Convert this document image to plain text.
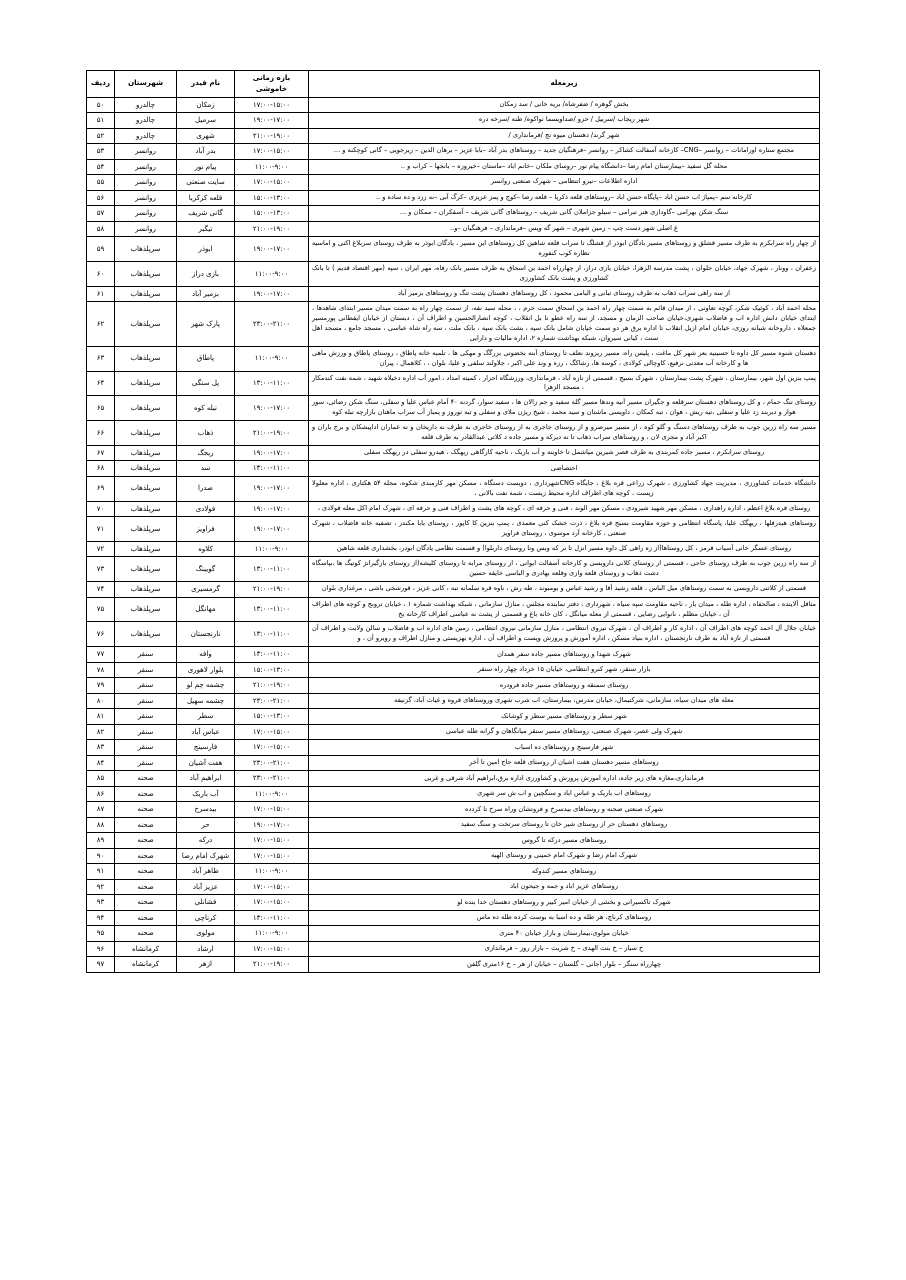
زیرمعله	بازه زمانی خاموشی	نام فیدر	شهرستان	ردیف
بخش گوهره / ضفرشاه/ بریه خانی / سد زمکان	۱۷:۰۰-۱۵:۰۰	زمکان	چالدرو	۵۰
شهر ریجاب /سربیل / حزو /صداویسما نواکوه/ طنه /سرخه دره	۱۹:۰۰-۱۷:۰۰	سرمیل	چالدرو	۵۱
شهر گرند/ دهستان میوه نج /فرمانداری /	۲۱:۰۰-۱۹:۰۰	شهری	چالدرو	۵۲
مجتمع ستاره اورامانات – روانسر –CNG– کارخانه آسفالت کشاکر – روانسر –فرهنگیان جدید – روستاهای بدر آباد –بابا عزیز – برهان الدین – زیرجویی – گانی کوچکنه و ...	۱۷:۰۰-۱۵:۰۰	بدر آباد	روانسر	۵۳
محله گل سفید –بیمارستان امام رضا –دانشگاه پیام نور –روسای ملکان –خانم اباد –ماستان –خیروزه – بانجها – کراب و ..	۱۱:۰۰-۹:۰۰	پیام نور	روانسر	۵۴
اداره اطلاعات –نیرو انتظامی – شهرک صنعتی روانسر	۱۷:۰۰-۱۵:۰۰	سایت صنعتی	روانسر	۵۵
کارخانه سم –پمپاژ اب حسن اباد –پایگاه حسن اباد –روستاهای قلعه ذکریا – قلعه رضا –کوچ و پمز عزیزی –کرگ آبی –نه زرد و ده ساده و ..	۱۵:۰۰-۱۳:۰۰	قلعه کرکریا	روانسر	۵۶
سنگ شکن بهرامی –گاودازی هنر تبرامی – سیلو جزاملان گانی شریف – روستاهای گانی شریف – آسفکران – ممکان و ...	۱۵:۰۰-۱۳:۰۰	گانی شریف	روانسر	۵۷
غ اصلی شهر دست چپ – زمین شهری – شهر گه ویس –فرمانداری – فرهنگیان –و..	۲۱:۰۰-۱۹:۰۰	تیگبر	روانسر	۵۸
از چهار راه سرابکرم به طرف مسیر قشلق و روستاهای مسیر بادگان ابوذر از قشلگ تا سراب قلعه شاهین کل روستاهای این مسیر ، بادگان ابوذر به طرف روستای سربلاغ اکنی و اماسیه نظاره کوب کنفوره	۱۹:۰۰-۱۷:۰۰	ابوذر	سرپلذهاب	۵۹
زعفران ، وونار ، شهرک جهاد، خیابان حلوان ، پشت مدرسه الزهرا، خیابان بازی دراز، از چهارراه احمد بن اسحاق به طرف مسیر بانک رفاه، مهر ایران ، سپه (مهر اقتصاد قدیم ) تا بانک کشاورزی و پشت بانک کشاورزی	۱۱:۰۰-۹:۰۰	بازی دراز	سرپلذهاب	۶۰
از سه راهی سراب ذهاب به طرف روستای تبانی و البامی محمود ، کل روستاهای دهستان پشت تنگ و روستاهای بزمیر آباد	۱۹:۰۰-۱۷:۰۰	بزمیر آباد	سرپلذهاب	۶۱
محله احمد آباد ، کوثیک شکر، کوچه تعاونی ، از میدان قائم به سمت چهار راه احمد بن اسحاق سمت حرم ، ، محله سید نفه، از سمت چهار راه به سمت میدان مسیر ابتدای شاهدها ، ابتدای خیابان دانش اداره اب و فاضلاب شهری،خیابان صاحب الزمان و مسجد، از سه راه عطو تا بل انقلاب ، کوچه انصارالحسین و اطراف آن ، دبستان از خیابان ایقطانی پورمسیر جمعلاه ، داروخانه شبانه روزی، خیابان امام ازیل انقلاب تا اداره برق هر دو سمت خیابان شامل بانک سپه ، بشت بانک سپه ، بانک ملت ، سه راه شاه عباسی ، مسجد جامع ، مسجد اهل سنت ، کیانی سیروان، شبکه بهداشت شماره ۲، اداره مالیات و دارایی	۲۳:۰۰-۲۱:۰۰	پارک شهر	سرپلذهاب	۶۲
دهستان شنوه مسیر کل داوه تا حسینیه بعر شهر کل ماغت ، پلیس راه، مسیر ریزوند نعلف تا روستای آبنه بخضوتی بزرگگ و مهکی ها ، تلمبه خانه پاطاق ، روستای پاطاق و ورزش ماهی ها و کارخانه آب معدنی نرفیع، کاوچالی کولادی ، کوسه ها، رشاکگ ، رزه و وند علی اکبر ، جلاولند سلفی و علیا، بلوان ، ، کلاهمال ، پیران	۱۱:۰۰-۹:۰۰	پاطاق	سرپلذهاب	۶۳
پمپ بنزین اول شهر، بیمارستان ، شهرک پشت بیمارستان ، شهرک بسیج ، قسمتی از تازه آباد ، فرمانداری، ورزشگاه احرار ، کمیته امداد ، امور آب اداره دخیلاه شهید ، شمه نفت کندمکار ، مسجد الزهرا	۱۳:۰۰-۱۱:۰۰	پل سنگی	سرپلذهاب	۶۴
روستای تنگ حمام ، و کل روستاهای دهستان سرقلعه و جگیران مسیر آنیه وندها مسیر گله سفید و جم زالان ها ، سفید سوار، گردنه ۴۰ آمام عباس علیا و سفلی، سنگ شکن رضائی، سور هوار و دیربند زد علیا و سفلی ،تیه ریش ، هوان ، تبه کمکان ، داویسی ماشتان و سید محمد ، شیخ ریژن ملای و سفلی و تبه نوروز و پمباز آب سراب ماهتان بازارچه تبله کوه	۱۹:۰۰-۱۷:۰۰	تیله کوه	سرپلذهاب	۶۵
مسیر سه راه زرین جوب به طرف روستاهای دسنگ و گلو کوه ، از مسیر میرصرو و از روستای جاجری به از روستای خاجری به طرف نه داریخان و نه عماران اداپیشکان و برج باران و اکبر آباد و مجری لان ، و روستاهای سراب ذهاب تا نه دیرکه و مسیر جاده د کلاتی عبدالقادر به طرف قلعه	۲۱:۰۰-۱۹:۰۰	ذهاب	سرپلذهاب	۶۶
روستای سرابکرم ، مسیر جاده کمربندی به طرف قصر شیرین میاشمل تا خاوینه و آب باریک ، ناحیه کارگاهی ریهگک ، هیدرو سفلی در ریهگک سفلی	۱۹:۰۰-۱۷:۰۰	ریجگ	سرپلذهاب	۶۷
اختصاصی	۱۳:۰۰-۱۱:۰۰	سد	سرپلذهاب	۶۸
دانشگاه خدمات کشاورزی ، مدیریت جهاد کشاورزی ، شهرک زراعی قره بلاغ ، جایگاه CNGشهرداری ، دویست دستگاه ، مسکن مهر کارمندی شکوه، محله ۵۴ هکتاری ، اداره معلولا زیست ، کوچه های اطراف اداره محیط زیست ، شمه نفت بالانی ،	۱۹:۰۰-۱۷:۰۰	صدرا	سرپلذهاب	۶۹
روستای قره بلاغ اعظم ، اداره راهداری ، مسکن مهر شهید شیرودی ، مسکن مهر الوند ، فنی و حرفه ای ، کوچه های پشت و اطراف فنی و حرفه ای ، شهرک امام اکل معله فولادی ،	۱۹:۰۰-۱۷:۰۰	فولادی	سرپلذهاب	۷۰
روستاهای هیدرفلها ، ریهگک علیا، پاسگاه انتظامی و حوزه مقاومت بسیج قره بلاغ ، ذرت خشک کنی معمدی ، پمپ بنزین کا کاپور ، روستای بابا مکندر ، تصفیه خانه فاضلاب ، شهرک صنعتی ، کارخانه آرد موسوی ، روستای فراویز	۱۹:۰۰-۱۷:۰۰	فراویز	سرپلذهاب	۷۱
روستای عسگر خانی آسیاب قرمز ، کل روستاها(از زه راهی کل داوه مسیر انزل تا نر که وبس ونا روستای داربلوا) و قسمت نظامی یادگان ابودر، بخشداری قلعه شاهین	۱۱:۰۰-۹:۰۰	کلاوه	سرپلذهاب	۷۲
از سه راه زرین جوب به طرف روستای حاجی ، قسمتی از روستای کلانی داروبسی و کارخانه آسفالت ایوانی ، از روستای مرابه تا روستای کلیشه(از روستای بازگیرانژ کوتیگ ها ،بپاسگاه دشت ذهاب و روستای قلعه وازی وقلعه بهادری و الباسی خایقه حسین	۱۳:۰۰-۱۱:۰۰	گویینگ	سرپلذهاب	۷۳
قسمتی از کلاتنی داروبسی به سمت روستاهای میل الباس ، قلعه رشید آقا و رشید عباس و بومبوند ، طه رش ، ناوه قره سلمانه تبه ، کانی عزیز ، قورشجی باشی ، مرغداری بلوان	۲۱:۰۰-۱۹:۰۰	گرمسیری	سرپلذهاب	۷۴
مثاقل آلاینده ، صالحفاه ، اداره طله ، میدان بار ، ناحیه مقاومت سپه سیاه ، شهرداری ، دفتر نماینده مجلس ، منازل سازمانی ، شبکه بهداشت شماره ۱ ، خیابان تروبج و کوچه های اطراف آن ، خیابان مظلم ، نانوایی رضایی ، قسمتی از معله میانگل ، کان خانه باغ و قسمتی از پشت نه عباسی اطراف کارخانه بخ	۱۳:۰۰-۱۱:۰۰	مهانگل	سرپلذهاب	۷۵
خیابان جلال آل احمد کوچه های اطراف آن ، اداره کار و اطراف آن ، شهرک نیروی انتظامی ، منازل سازمانی نیروی انتظامی ، زمین های اداره اب و فاضلاب و سالن ولایت و اطراف آن قسمتی از تازه آباد به طرف نارنجستان ، اداره بنیاد مسکن ، اداره آموزش و پرورش وپست و اطراف آن ، اداره بهزیستی و منازل اطراف و روبرو آن ، و	۱۳:۰۰-۱۱:۰۰	نارنجستان	سرپلذهاب	۷۶
شهرک شهدا و روستاهای مسیر جاده سفر همدان	۱۳:۰۰-۱۱:۰۰	وافه	سنقر	۷۷
بازار سنقر، شهر کنرو انتظامی، خیابان ۱۵ خرداد چهار راه سنقر	۱۵:۰۰-۱۳:۰۰	بلوار لاهوری	سنقر	۷۸
روستای سمنقه و روستاهای مسیر جاده فرودره	۲۱:۰۰-۱۹:۰۰	چشمه چم لو	سنقر	۷۹
معله های میدان سیاه، سازمانی، شرکتیمال، خیابان مدرس، بیمارستان، اب شرب شهری وروستاهای قروه و غیاث آباد، گزنیفه	۲۳:۰۰-۲۱:۰۰	چشمه سهیل	سنقر	۸۰
شهر سطر و روستاهای مسیر سطر و کوشانک	۱۵:۰۰-۱۳:۰۰	سطر	سنقر	۸۱
شهرک ولی عصر، شهرک صنعتی، روستاهای مسیر سنقر میانگاهان و گرانه طله عباسی	۱۷:۰۰-۱۵:۰۰	عباس آباد	سنقر	۸۲
شهر فارسینج و روستاهای ده اسباب	۱۷:۰۰-۱۵:۰۰	فارسینج	سنقر	۸۳
روستاهای مسیر دهستان هفت اشیان از روستای قلعه حاج امین تا آخر	۲۳:۰۰-۲۱:۰۰	هفت آشیان	سنقر	۸۴
فرمانداری،مغازه های زیر جاده، اداره امورش پرورش و کشاورزی اداره برق،ابراهیم آباد شرقی و غربی	۲۳:۰۰-۲۱:۰۰	ابراهیم آباد	صحنه	۸۵
روستاهای اب باریک و عباس اباد و سنگچین و اب ش سر شهری	۱۱:۰۰-۹:۰۰	آب باریک	صحنه	۸۶
شهرک صنعتی صحنه و روستاهای بیدسرخ و فروتشان وراه سرخ تا کردده	۱۷:۰۰-۱۵:۰۰	بیدسرخ	صحنه	۸۷
روستاهای دهستان حر از روستای شیر خان تا روستای سرتخت و سنگ سفید	۱۹:۰۰-۱۷:۰۰	حر	صحنه	۸۸
روستاهای مسیر درکه تا گروس	۱۷:۰۰-۱۵:۰۰	درکه	صحنه	۸۹
شهرک امام رضا و شهرک امام خمینی و روستای الهیه	۱۷:۰۰-۱۵:۰۰	شهرک امام رضا	صحنه	۹۰
روستاهای مسیر کندوکه	۱۱:۰۰-۹:۰۰	ظاهر آباد	صحنه	۹۱
روستاهای عزیز اباد و جمه و جیحون اباد	۱۷:۰۰-۱۵:۰۰	عزیز آباد	صحنه	۹۲
شهرک تاکسیرانی و بخشی از خیابان امیر کبیر و روستاهای دهستان خدا بنده لو	۱۷:۰۰-۱۵:۰۰	فشانلی	صحنه	۹۳
روستاهای کرناچ، هر طله و ده اسبا به بوست کرده طله ده ماس	۱۳:۰۰-۱۱:۰۰	کرناچی	صحنه	۹۴
خیابان مولوی،بیمارستان و بازار خیابان ۴۰ متری	۱۱:۰۰-۹:۰۰	مولوی	صحنه	۹۵
خ سیاز – خ بنت الهدی – خ شریت – بازار روز – فرماندازی	۱۷:۰۰-۱۵:۰۰	ارشاد	کرمانشاه	۹۶
چهارراه سنگر – بلوار اجانی – گلستان – خیابان از هر – خ ۱۶متری گلفن	۲۱:۰۰-۱۹:۰۰	ازهر	کرمانشاه	۹۷
